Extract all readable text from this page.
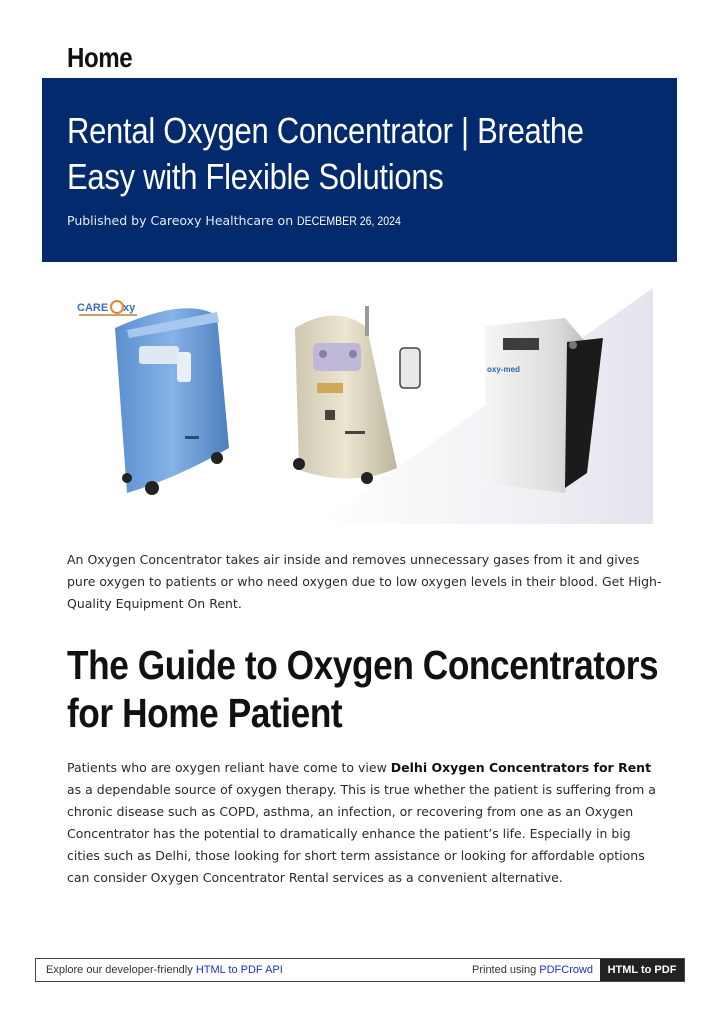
Home
Rental Oxygen Concentrator | Breathe Easy with Flexible Solutions
Published by Careoxy Healthcare on DECEMBER 26, 2024
CARE xy
oxy-med

An Oxygen Concentrator takes air inside and removes unnecessary gases from it and gives pure oxygen to patients or who need oxygen due to low oxygen levels in their blood. Get High-Quality Equipment On Rent.

The Guide to Oxygen Concentrators for Home Patient

Patients who are oxygen reliant have come to view Delhi Oxygen Concentrators for Rent as a dependable source of oxygen therapy. This is true whether the patient is suffering from a chronic disease such as COPD, asthma, an infection, or recovering from one as an Oxygen Concentrator has the potential to dramatically enhance the patient’s life. Especially in big cities such as Delhi, those looking for short term assistance or looking for affordable options can consider Oxygen Concentrator Rental services as a convenient alternative.

Explore our developer-friendly HTML to PDF API	Printed using PDFCrowd	HTML to PDF
